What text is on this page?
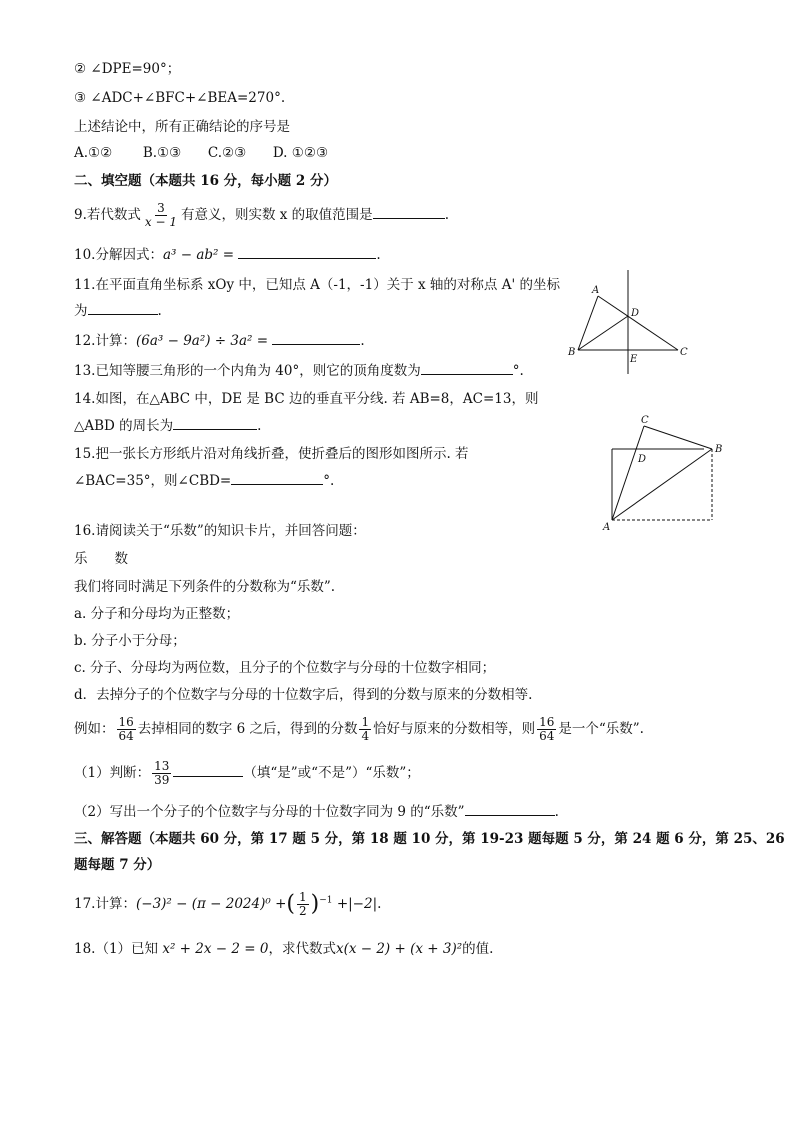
② ∠DPE=90°；
③ ∠ADC+∠BFC+∠BEA=270°.
上述结论中，所有正确结论的序号是
A.①② B.①③ C.②③ D. ①②③
二、填空题（本题共 16 分，每小题 2 分）
9.若代数式 $\frac{3}{x - 1}$ 有意义，则实数 x 的取值范围是	.
10.分解因式：a³ − ab² =	.
11.在平面直角坐标系 xOy 中，已知点 A（-1，-1）关于 x 轴的对称点 A' 的坐标
为	.
12.计算：(6a³ − 9a²) ÷ 3a² =	.
13.已知等腰三角形的一个内角为 40°，则它的顶角度数为	°.
14.如图，在△ABC 中，DE 是 BC 边的垂直平分线. 若 AB=8，AC=13，则
△ABD 的周长为	.
15.把一张长方形纸片沿对角线折叠，使折叠后的图形如图所示. 若
∠BAC=35°，则∠CBD=	°.
16.请阅读关于“乐数”的知识卡片，并回答问题：
乐　　数
我们将同时满足下列条件的分数称为“乐数”.
a. 分子和分母均为正整数；
b. 分子小于分母；
c. 分子、分母均为两位数，且分子的个位数字与分母的十位数字相同；
d．去掉分子的个位数字与分母的十位数字后，得到的分数与原来的分数相等.
例如： $\frac{16}{64}$ 去掉相同的数字 6 之后，得到的分数 $\frac{1}{4}$ 恰好与原来的分数相等，则 $\frac{16}{64}$ 是一个“乐数”.
（1）判断： $\frac{13}{39}$	（填“是”或“不是”）“乐数”；
（2）写出一个分子的个位数字与分母的十位数字同为 9 的“乐数”	.
三、解答题（本题共 60 分，第 17 题 5 分，第 18 题 10 分，第 19-23 题每题 5 分，第 24 题 6 分，第 25、26
题每题 7 分）
17.计算：(−3)² − (π − 2024)⁰ +( $\frac{1}{2} )^{-1} +|-2|$.
18.（1）已知 x² + 2x − 2 = 0，求代数式x(x − 2) + (x + 3)²的值.
A
D
B
E
C
C
D
B
A
